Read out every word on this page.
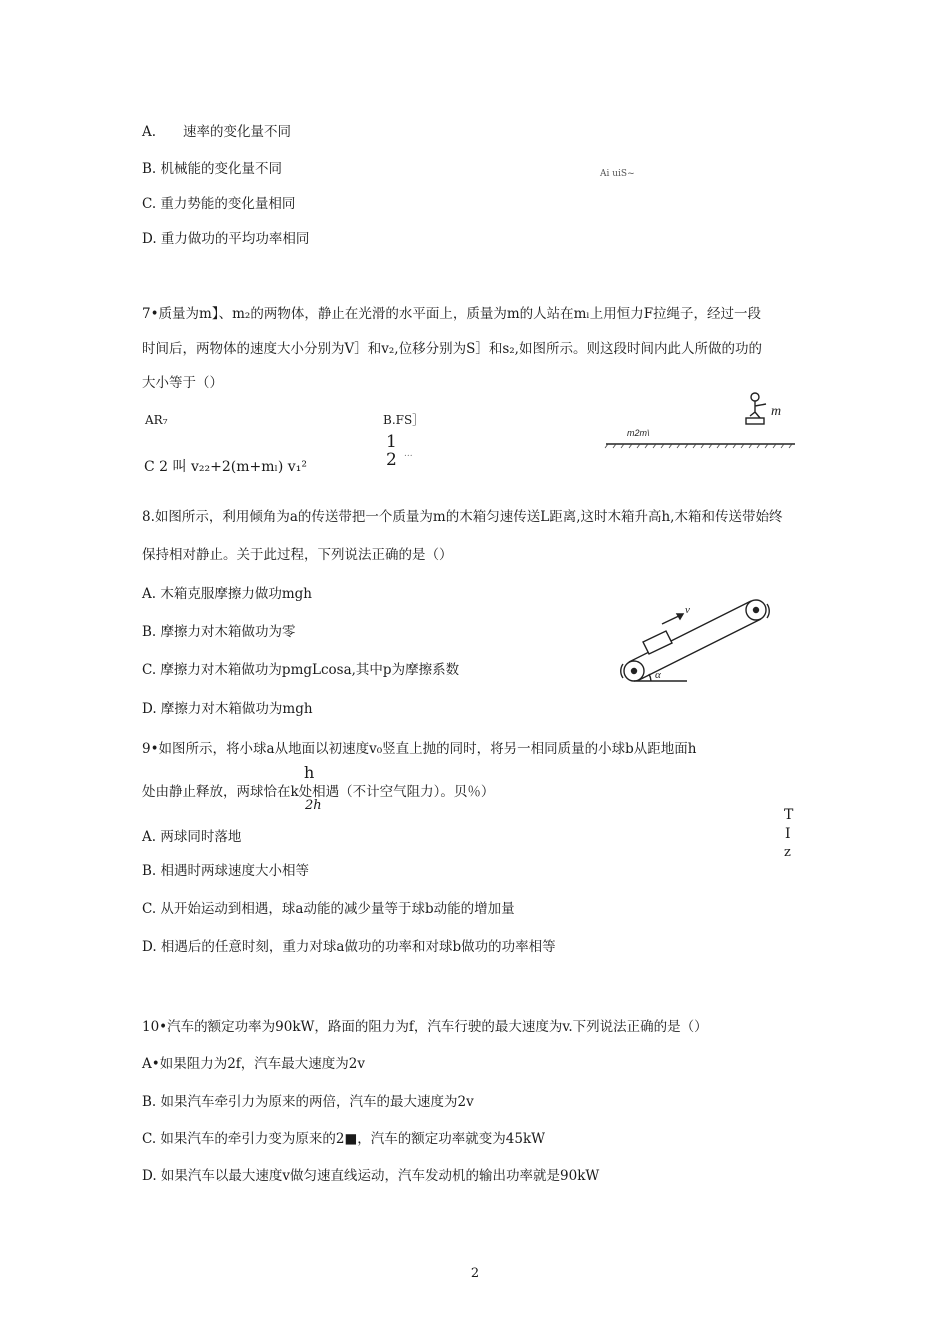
A.　　速率的变化量不同
B. 机械能的变化量不同	Ai uiS~
C. 重力势能的变化量相同
D. 重力做功的平均功率相同
7•质量为m】、m₂的两物体，静止在光滑的水平面上，质量为m的人站在mₗ上用恒力F拉绳子，经过一段
时间后，两物体的速度大小分别为V］和v₂,位移分别为S］和s₂,如图所示。则这段时间内此人所做的功的
大小等于（）
AR₇	B.FS］
1
2 ...
C 2 叫 v₂₂+2(m+mₗ) v₁²
m
m2m\
8.如图所示，利用倾角为a的传送带把一个质量为m的木箱匀速传送L距离,这时木箱升高h,木箱和传送带始终
保持相对静止。关于此过程，下列说法正确的是（）
A. 木箱克服摩擦力做功mgh
B. 摩擦力对木箱做功为零
C. 摩擦力对木箱做功为pmgLcosa,其中p为摩擦系数
D. 摩擦力对木箱做功为mgh
v
α
9•如图所示，将小球a从地面以初速度v₀竖直上抛的同时，将另一相同质量的小球b从距地面h
h
处由静止释放，两球恰在k处相遇（不计空气阻力）。贝％）
2h
A. 两球同时落地
B. 相遇时两球速度大小相等
C. 从开始运动到相遇，球a动能的减少量等于球b动能的增加量
D. 相遇后的任意时刻，重力对球a做功的功率和对球b做功的功率相等
T
I
z
10•汽车的额定功率为90kW，路面的阻力为f，汽车行驶的最大速度为v.下列说法正确的是（）
A•如果阻力为2f，汽车最大速度为2v
B. 如果汽车牵引力为原来的两倍，汽车的最大速度为2v
C. 如果汽车的牵引力变为原来的2■，汽车的额定功率就变为45kW
D. 如果汽车以最大速度v做匀速直线运动，汽车发动机的输出功率就是90kW
2
